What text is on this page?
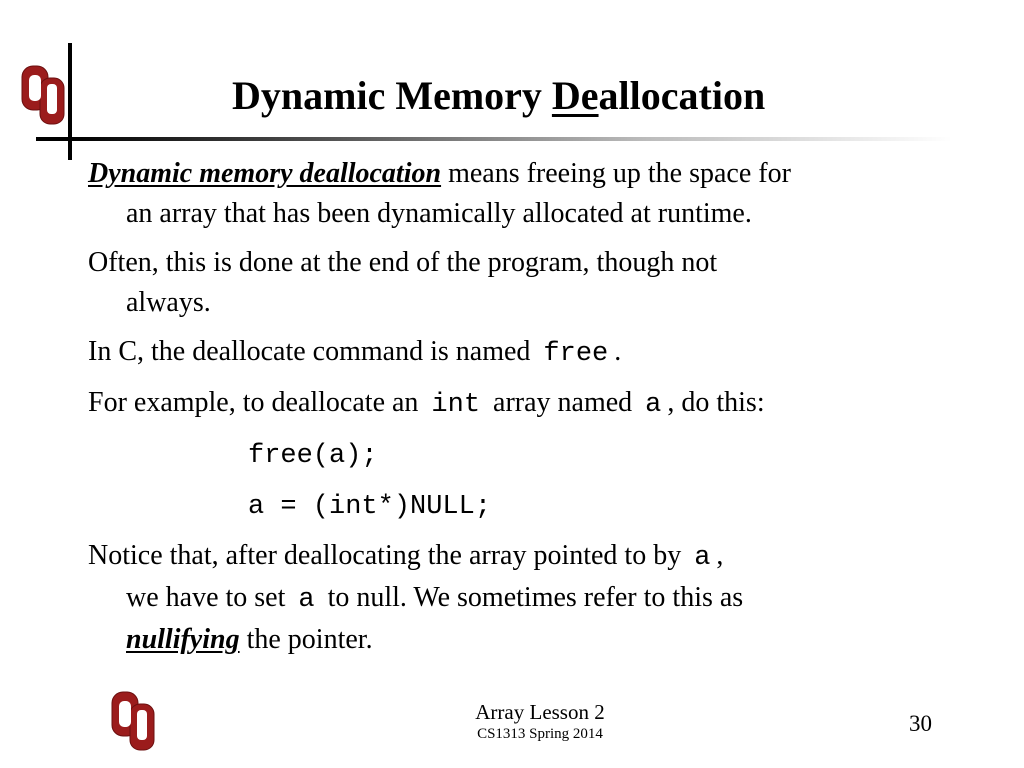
Dynamic Memory Deallocation
Dynamic memory deallocation means freeing up the space for
an array that has been dynamically allocated at runtime.
Often, this is done at the end of the program, though not
always.
In C, the deallocate command is named free .
For example, to deallocate an int array named a , do this:
free(a);
a = (int*)NULL;
Notice that, after deallocating the array pointed to by a ,
we have to set a to null. We sometimes refer to this as
nullifying the pointer.
Array Lesson 2
CS1313 Spring 2014	30
